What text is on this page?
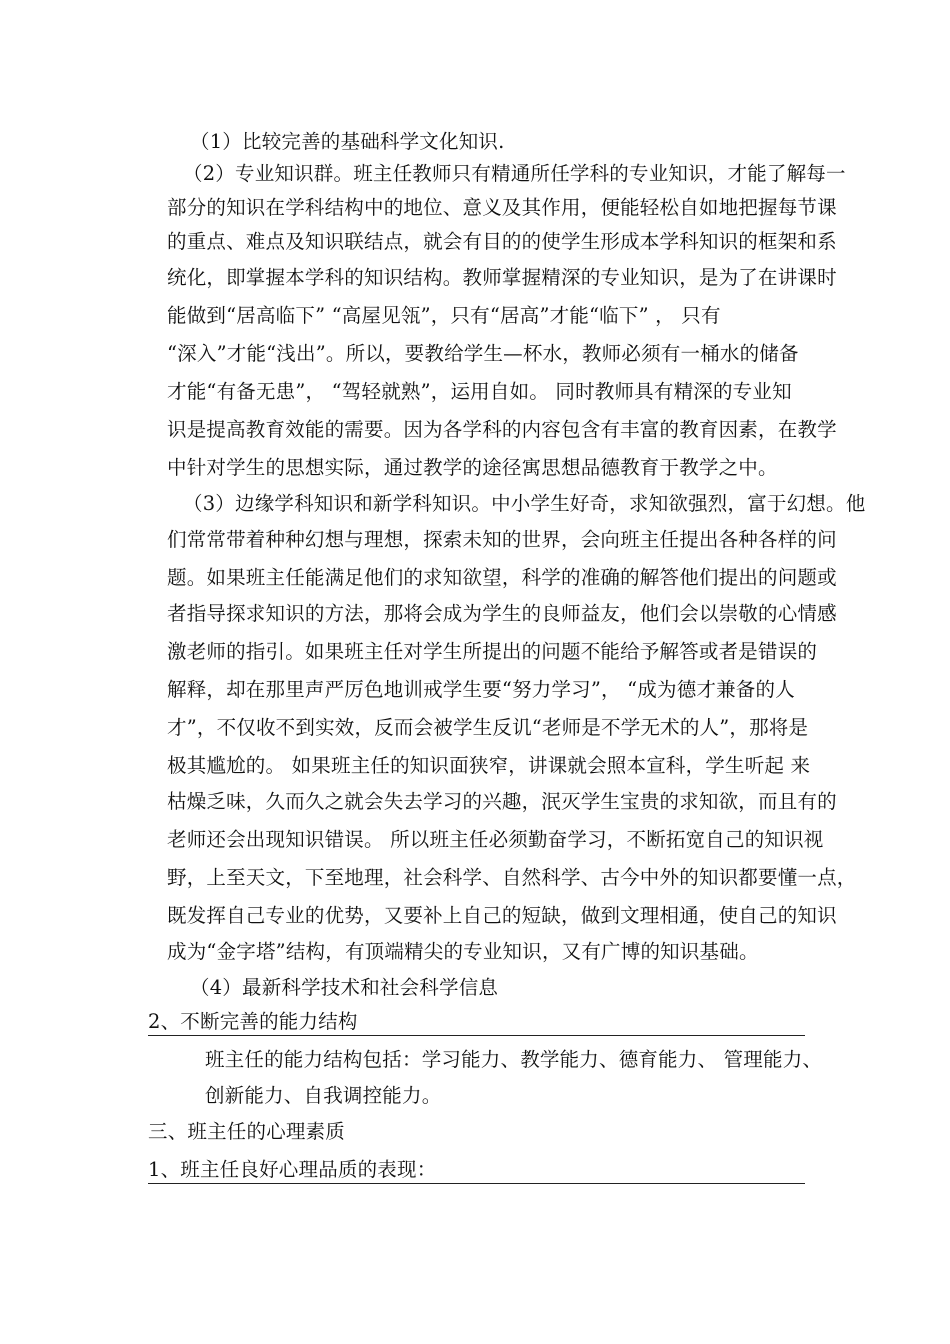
（1）比较完善的基础科学文化知识.
（2）专业知识群。班主任教师只有精通所任学科的专业知识，才能了解每一
部分的知识在学科结构中的地位、意义及其作用，便能轻松自如地把握每节课
的重点、难点及知识联结点，就会有目的的使学生形成本学科知识的框架和系
统化，即掌握本学科的知识结构。教师掌握精深的专业知识，是为了在讲课时
能做到“居高临下” “高屋见瓴”，只有“居高”才能“临下” ， 只有
“深入”才能“浅出”。所以，要教给学生—杯水，教师必须有一桶水的储备
才能“有备无患”， “驾轻就熟”，运用自如。 同时教师具有精深的专业知
识是提高教育效能的需要。因为各学科的内容包含有丰富的教育因素，在教学
中针对学生的思想实际，通过教学的途径寓思想品德教育于教学之中。
（3）边缘学科知识和新学科知识。中小学生好奇，求知欲强烈，富于幻想。他
们常常带着种种幻想与理想，探索未知的世界，会向班主任提出各种各样的问
题。如果班主任能满足他们的求知欲望，科学的准确的解答他们提出的问题或
者指导探求知识的方法，那将会成为学生的良师益友，他们会以崇敬的心情感
激老师的指引。如果班主任对学生所提出的问题不能给予解答或者是错误的
解释，却在那里声严厉色地训戒学生要“努力学习”， “成为德才兼备的人
才”，不仅收不到实效，反而会被学生反讥“老师是不学无术的人”，那将是
极其尴尬的。 如果班主任的知识面狭窄，讲课就会照本宣科，学生听起 来
枯燥乏味，久而久之就会失去学习的兴趣，泯灭学生宝贵的求知欲，而且有的
老师还会出现知识错误。 所以班主任必须勤奋学习，不断拓宽自己的知识视
野，上至天文，下至地理，社会科学、自然科学、古今中外的知识都要懂一点，
既发挥自己专业的优势，又要补上自己的短缺，做到文理相通，使自己的知识
成为“金字塔”结构，有顶端精尖的专业知识，又有广博的知识基础。
（4）最新科学技术和社会科学信息
2、不断完善的能力结构
班主任的能力结构包括：学习能力、教学能力、德育能力、 管理能力、
创新能力、自我调控能力。
三、班主任的心理素质
1、班主任良好心理品质的表现：
